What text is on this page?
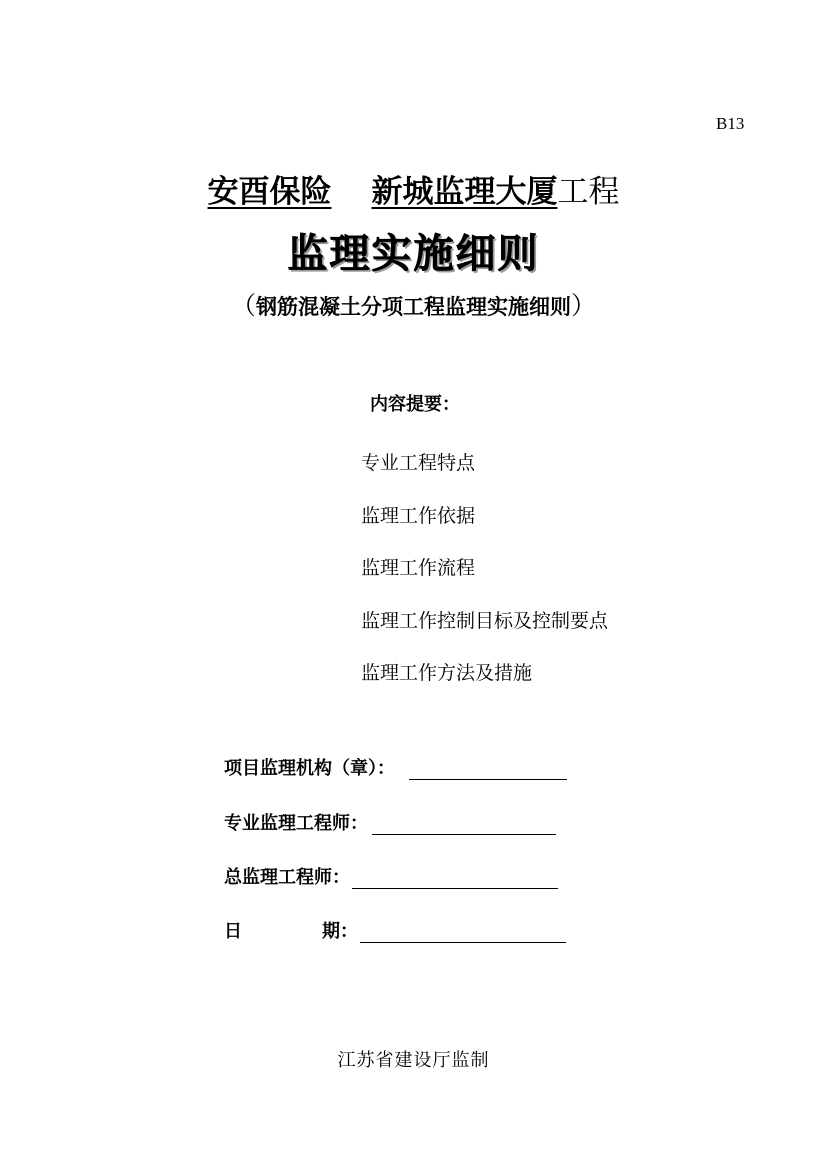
B13
安酉保险 新城监理大厦工程
监理实施细则
（钢筋混凝土分项工程监理实施细则）
内容提要：
专业工程特点
监理工作依据
监理工作流程
监理工作控制目标及控制要点
监理工作方法及措施
项目监理机构（章）：
专业监理工程师：
总监理工程师：
日	期：
江苏省建设厅监制
